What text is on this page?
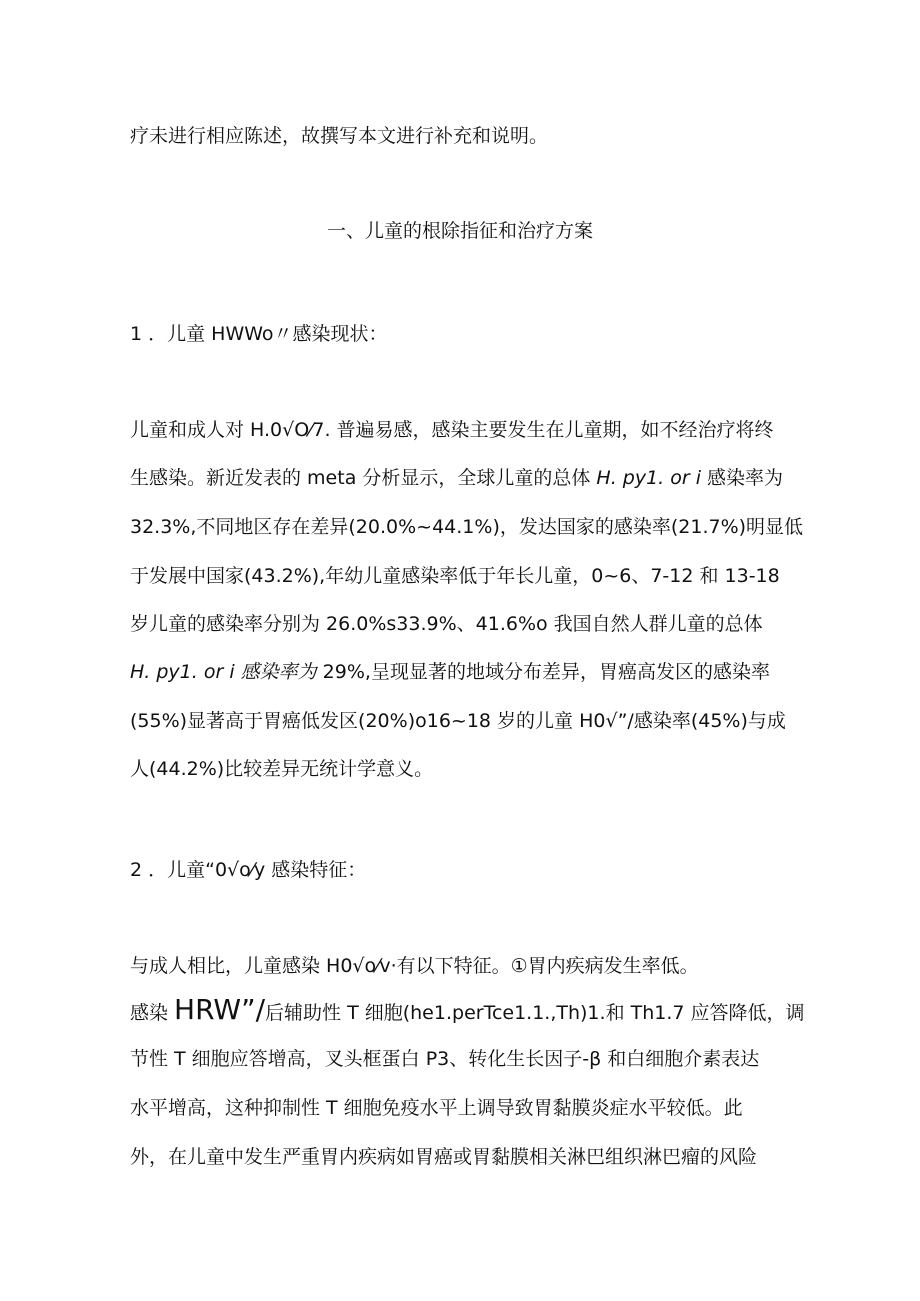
疗未进行相应陈述，故撰写本文进行补充和说明。
一、儿童的根除指征和治疗方案
1 ．儿童 HWWo〃感染现状：
儿童和成人对 H.0√O⁄7. 普遍易感，感染主要发生在儿童期，如不经治疗将终
生感染。新近发表的 meta 分析显示，全球儿童的总体 H. py1. or i 感染率为
32.3%,不同地区存在差异(20.0%~44.1%)，发达国家的感染率(21.7%)明显低
于发展中国家(43.2%),年幼儿童感染率低于年长儿童，0~6、7-12 和 13-18
岁儿童的感染率分别为 26.0%s33.9%、41.6%o 我国自然人群儿童的总体
H. py1. or i 感染率为 29%,呈现显著的地域分布差异，胃癌高发区的感染率
(55%)显著高于胃癌低发区(20%)o16~18 岁的儿童 H0√”/感染率(45%)与成
人(44.2%)比较差异无统计学意义。
2 ．儿童“0√o⁄y 感染特征：
与成人相比，儿童感染 H0√o⁄v·有以下特征。①胃内疾病发生率低。
感染 HRW”/后辅助性 T 细胞(he1.perTce1.1.,Th)1.和 Th1.7 应答降低，调
节性 T 细胞应答增高，叉头框蛋白 P3、转化生长因子-β 和白细胞介素表达
水平增高，这种抑制性 T 细胞免疫水平上调导致胃黏膜炎症水平较低。此
外，在儿童中发生严重胃内疾病如胃癌或胃黏膜相关淋巴组织淋巴瘤的风险
